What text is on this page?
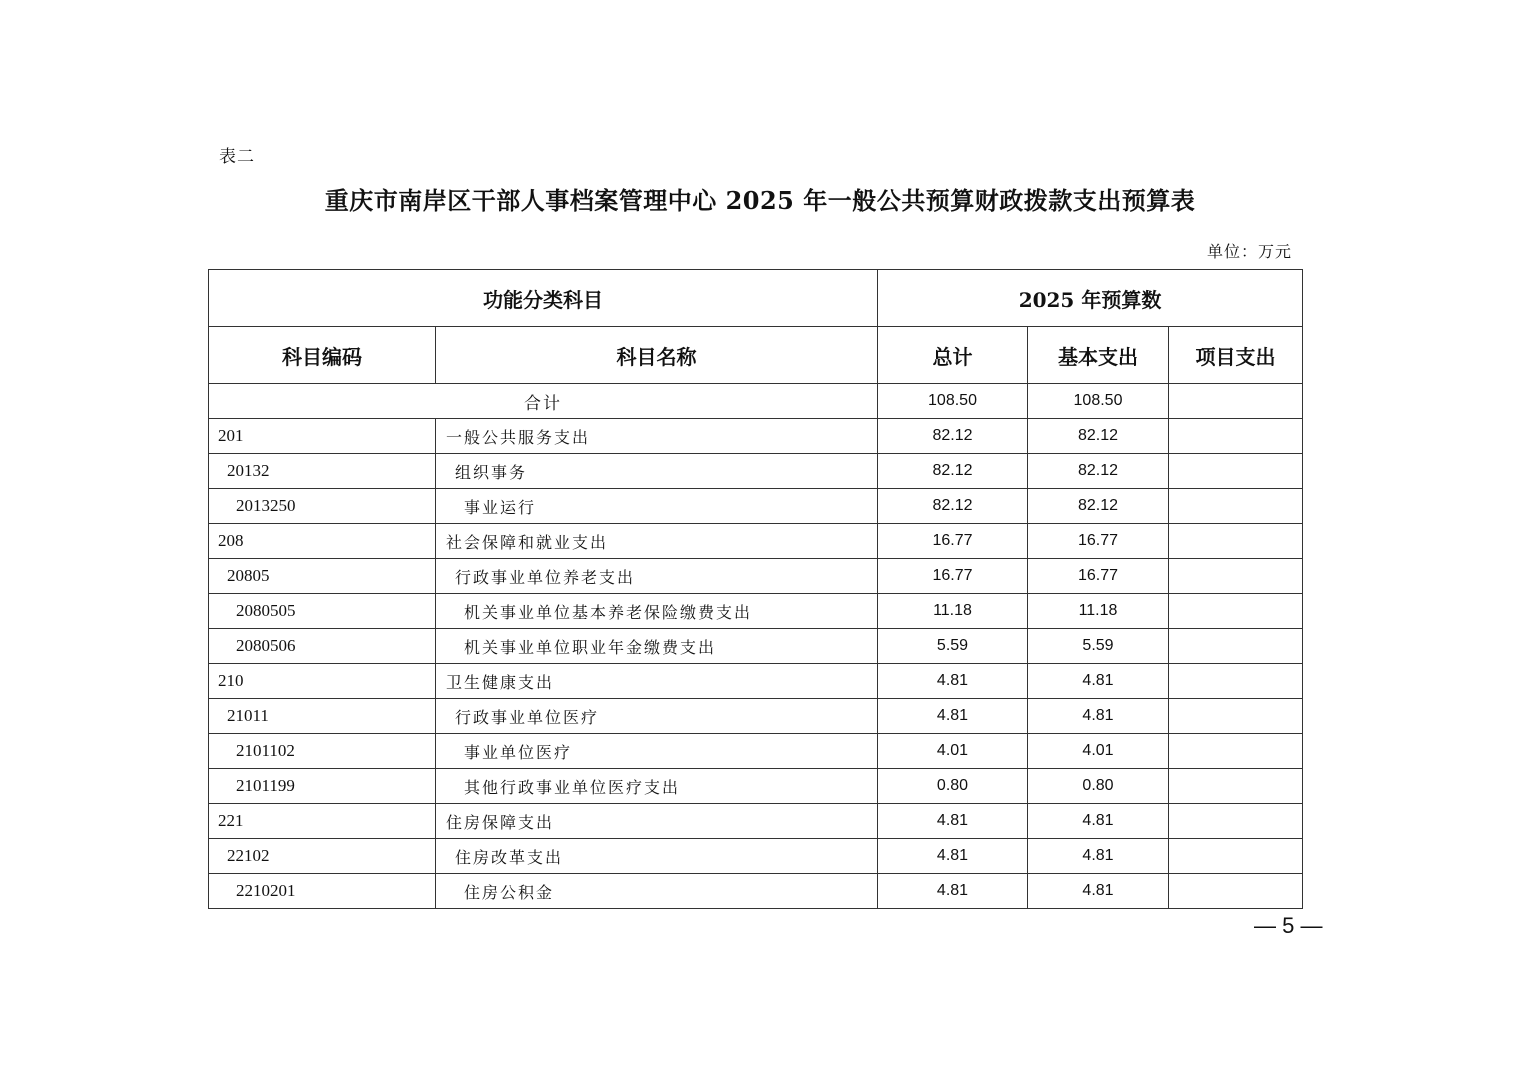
表二
重庆市南岸区干部人事档案管理中心 2025 年一般公共预算财政拨款支出预算表
单位：万元
功能分类科目		2025 年预算数		
科目编码	科目名称	总计	基本支出	项目支出
合计		108.50	108.50	
201	一般公共服务支出	82.12	82.12	
20132	组织事务	82.12	82.12	
2013250	事业运行	82.12	82.12	
208	社会保障和就业支出	16.77	16.77	
20805	行政事业单位养老支出	16.77	16.77	
2080505	机关事业单位基本养老保险缴费支出	11.18	11.18	
2080506	机关事业单位职业年金缴费支出	5.59	5.59	
210	卫生健康支出	4.81	4.81	
21011	行政事业单位医疗	4.81	4.81	
2101102	事业单位医疗	4.01	4.01	
2101199	其他行政事业单位医疗支出	0.80	0.80	
221	住房保障支出	4.81	4.81	
22102	住房改革支出	4.81	4.81	
2210201	住房公积金	4.81	4.81	
— 5 —
